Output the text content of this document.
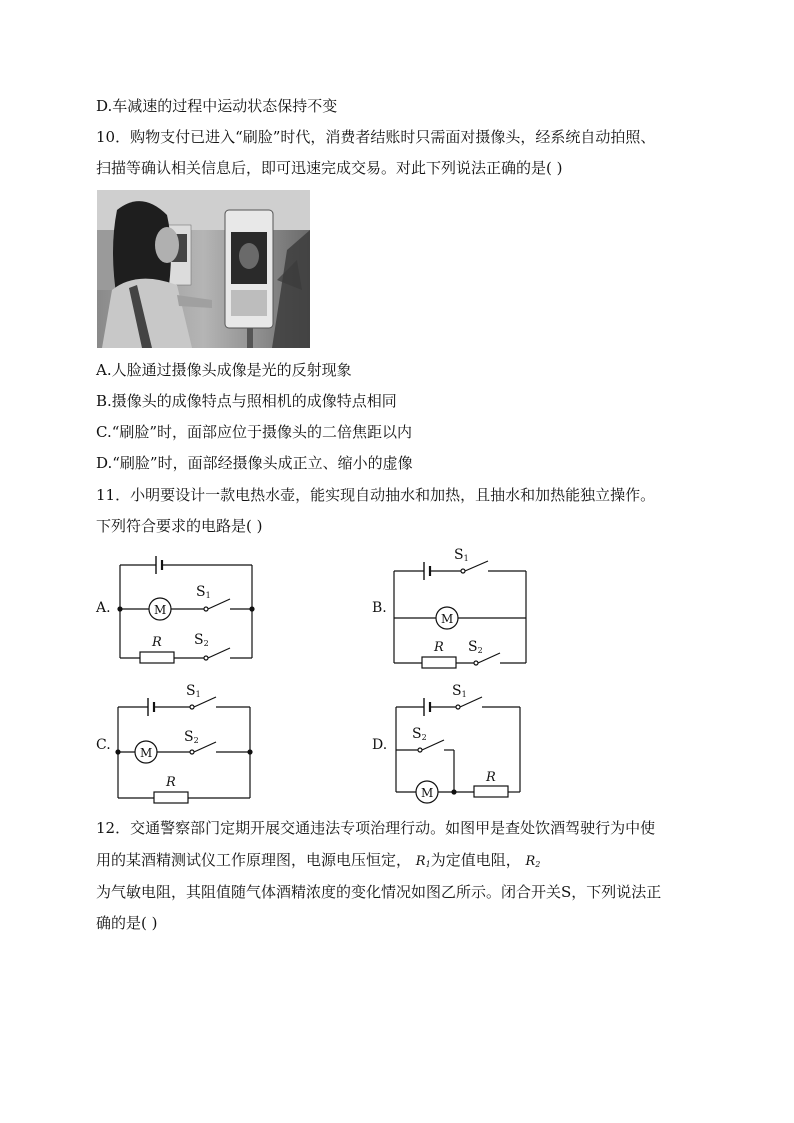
D.车减速的过程中运动状态保持不变
10．购物支付已进入“刷脸”时代，消费者结账时只需面对摄像头，经系统自动拍照、
扫描等确认相关信息后，即可迅速完成交易。对此下列说法正确的是( )
A.人脸通过摄像头成像是光的反射现象
B.摄像头的成像特点与照相机的成像特点相同
C.“刷脸”时，面部应位于摄像头的二倍焦距以内
D.“刷脸”时，面部经摄像头成正立、缩小的虚像
11．小明要设计一款电热水壶，能实现自动抽水和加热，且抽水和加热能独立操作。
下列符合要求的电路是( )
A.	M
$S_1$
$S_2$
R
B.
M
$S_1$
$S_2$
R
C. M
$S_1$
$S_2$
R
D.
M
$S_1$
$S_2$
R
12．交通警察部门定期开展交通违法专项治理行动。如图甲是查处饮酒驾驶行为中使
用的某酒精测试仪工作原理图，电源电压恒定， $R_1$为定值电阻， $R_2$
为气敏电阻，其阻值随气体酒精浓度的变化情况如图乙所示。闭合开关S，下列说法正
确的是( )
